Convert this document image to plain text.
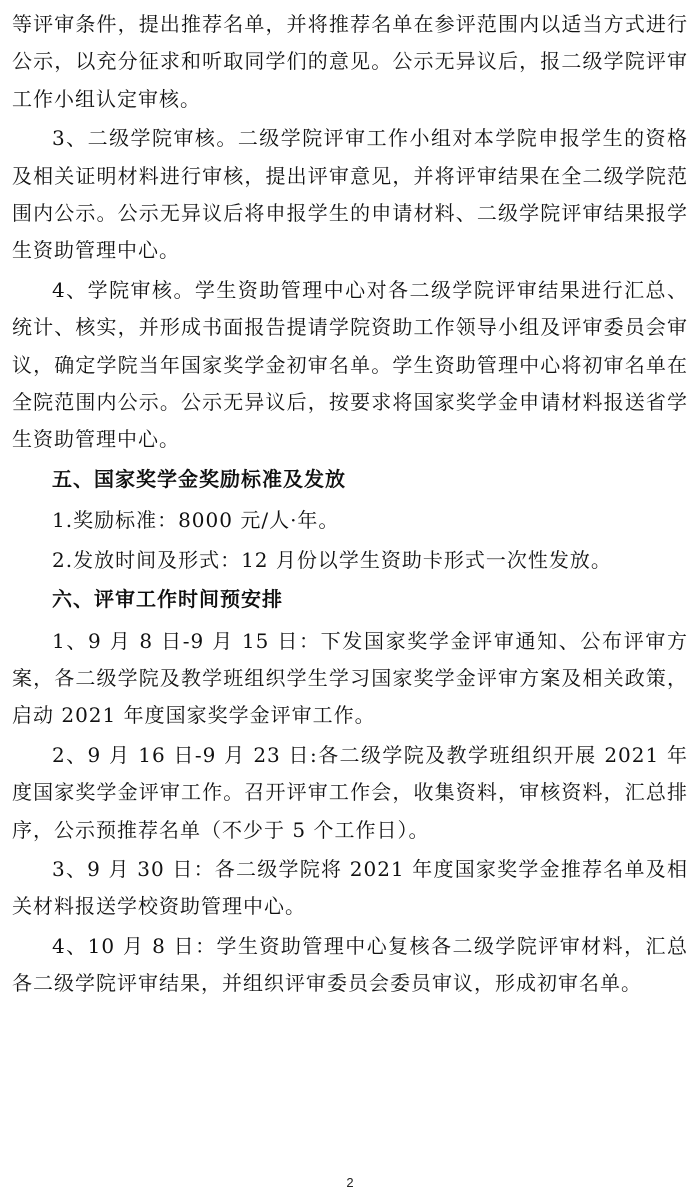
等评审条件，提出推荐名单，并将推荐名单在参评范围内以适当方式进行公示，以充分征求和听取同学们的意见。公示无异议后，报二级学院评审工作小组认定审核。

3、二级学院审核。二级学院评审工作小组对本学院申报学生的资格及相关证明材料进行审核，提出评审意见，并将评审结果在全二级学院范围内公示。公示无异议后将申报学生的申请材料、二级学院评审结果报学生资助管理中心。

4、学院审核。学生资助管理中心对各二级学院评审结果进行汇总、统计、核实，并形成书面报告提请学院资助工作领导小组及评审委员会审议，确定学院当年国家奖学金初审名单。学生资助管理中心将初审名单在全院范围内公示。公示无异议后，按要求将国家奖学金申请材料报送省学生资助管理中心。

五、国家奖学金奖励标准及发放

1.奖励标准：8000 元/人·年。

2.发放时间及形式：12 月份以学生资助卡形式一次性发放。

六、评审工作时间预安排

1、9 月 8 日-9 月 15 日：下发国家奖学金评审通知、公布评审方案，各二级学院及教学班组织学生学习国家奖学金评审方案及相关政策，启动 2021 年度国家奖学金评审工作。

2、9 月 16 日-9 月 23 日:各二级学院及教学班组织开展 2021 年度国家奖学金评审工作。召开评审工作会，收集资料，审核资料，汇总排序，公示预推荐名单（不少于 5 个工作日）。

3、9 月 30 日：各二级学院将 2021 年度国家奖学金推荐名单及相关材料报送学校资助管理中心。

4、10 月 8 日：学生资助管理中心复核各二级学院评审材料，汇总各二级学院评审结果，并组织评审委员会委员审议，形成初审名单。

2
